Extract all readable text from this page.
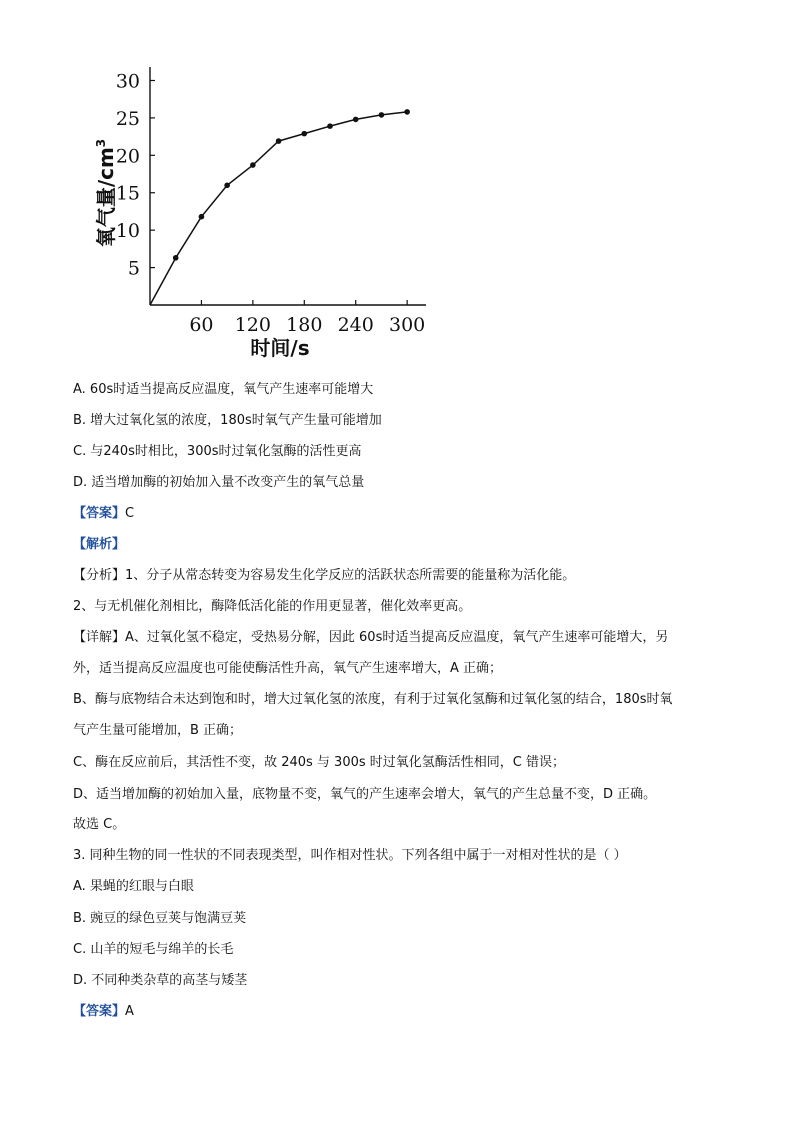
5
10
15
20
25
30
60 120 180 240 300
时间/s
氧气量$/cm^3$
A. 60s时适当提高反应温度，氧气产生速率可能增大
B. 增大过氧化氢的浓度，180s时氧气产生量可能增加
C. 与240s时相比，300s时过氧化氢酶的活性更高
D. 适当增加酶的初始加入量不改变产生的氧气总量
【答案】C
【解析】
【分析】1、分子从常态转变为容易发生化学反应的活跃状态所需要的能量称为活化能。
2、与无机催化剂相比，酶降低活化能的作用更显著，催化效率更高。
【详解】A、过氧化氢不稳定，受热易分解，因此 60s时适当提高反应温度，氧气产生速率可能增大，另
外，适当提高反应温度也可能使酶活性升高，氧气产生速率增大，A 正确；
B、酶与底物结合未达到饱和时，增大过氧化氢的浓度，有利于过氧化氢酶和过氧化氢的结合，180s时氧
气产生量可能增加，B 正确；
C、酶在反应前后，其活性不变，故 240s 与 300s 时过氧化氢酶活性相同，C 错误；
D、适当增加酶的初始加入量，底物量不变，氧气的产生速率会增大，氧气的产生总量不变，D 正确。
故选 C。
3. 同种生物的同一性状的不同表现类型，叫作相对性状。下列各组中属于一对相对性状的是（ ）
A. 果蝇的红眼与白眼
B. 豌豆的绿色豆荚与饱满豆荚
C. 山羊的短毛与绵羊的长毛
D. 不同种类杂草的高茎与矮茎
【答案】A
